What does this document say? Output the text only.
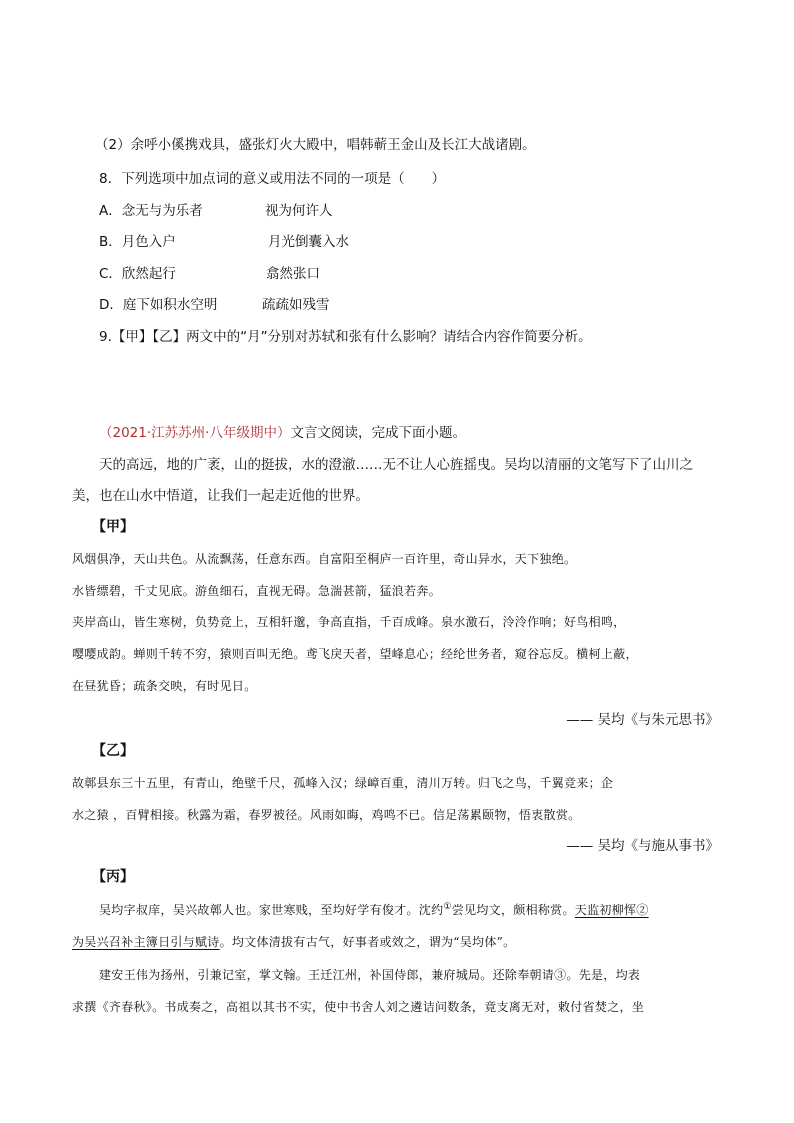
（2）余呼小傒携戏具，盛张灯火大殿中，唱韩蕲王金山及长江大战诸剧。
8．下列选项中加点词的意义或用法不同的一项是（　　）
A．念无与为乐者	视为何许人
B．月色入户	月光倒囊入水
C．欣然起行	翕然张口
D．庭下如积水空明	疏疏如残雪
9.【甲】【乙】两文中的“月”分别对苏轼和张有什么影响？请结合内容作简要分析。
（2021·江苏苏州·八年级期中）文言文阅读，完成下面小题。
天的高远，地的广袤，山的挺拔，水的澄澈……无不让人心旌摇曳。吴均以清丽的文笔写下了山川之
美，也在山水中悟道，让我们一起走近他的世界。
【甲】
风烟俱净，天山共色。从流飘荡，任意东西。自富阳至桐庐一百许里，奇山异水，天下独绝。
水皆缥碧，千丈见底。游鱼细石，直视无碍。急湍甚箭，猛浪若奔。
夹岸高山，皆生寒树，负势竞上，互相轩邈，争高直指，千百成峰。泉水激石，泠泠作响；好鸟相鸣，
嘤嘤成韵。蝉则千转不穷，猿则百叫无绝。鸢飞戾天者，望峰息心；经纶世务者，窥谷忘反。横柯上蔽，
在昼犹昏；疏条交映，有时见日。
—— 吴均《与朱元思书》
【乙】
故鄣县东三十五里，有青山，绝壁千尺，孤峰入汉；绿嶂百重，清川万转。归飞之鸟，千翼竞来；企
水之猿 ，百臂相接。秋露为霜，春罗被径。风雨如晦，鸡鸣不已。信足荡累颐物，悟衷散赏。
—— 吴均《与施从事书》
【丙】
吴均字叔庠，吴兴故鄣人也。家世寒贱，至均好学有俊才。沈约①尝见均文，颇相称赏。天监初柳恽②
为吴兴召补主簿日引与赋诗。均文体清拔有古气，好事者或效之，谓为“吴均体”。
建安王伟为扬州，引兼记室，掌文翰。王迁江州，补国侍郎，兼府城局。还除奉朝请③。先是，均表
求撰《齐春秋》。书成奏之，高祖以其书不实，使中书舍人刘之遴诘问数条，竟支离无对，敕付省焚之，坐
